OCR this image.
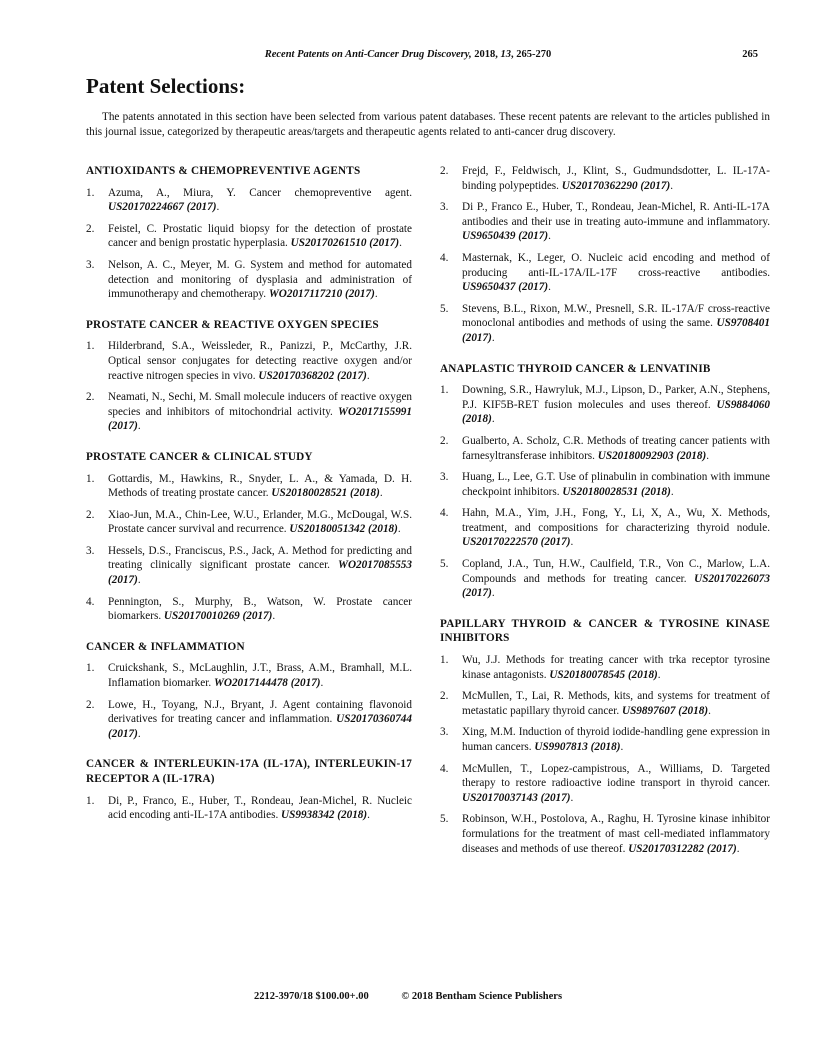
Recent Patents on Anti-Cancer Drug Discovery, 2018, 13, 265-270	265
Patent Selections:

The patents annotated in this section have been selected from various patent databases. These recent patents are relevant to the articles published in this journal issue, categorized by therapeutic areas/targets and therapeutic agents related to anti-cancer drug discovery.

ANTIOXIDANTS & CHEMOPREVENTIVE AGENTS
1.	Azuma, A., Miura, Y. Cancer chemopreventive agent. US20170224667 (2017).
2.	Feistel, C. Prostatic liquid biopsy for the detection of prostate cancer and benign prostatic hyperplasia. US20170261510 (2017).
3.	Nelson, A. C., Meyer, M. G. System and method for automated detection and monitoring of dysplasia and administration of immunotherapy and chemotherapy. WO2017117210 (2017).
PROSTATE CANCER & REACTIVE OXYGEN SPECIES
1.	Hilderbrand, S.A., Weissleder, R., Panizzi, P., McCarthy, J.R. Optical sensor conjugates for detecting reactive oxygen and/or reactive nitrogen species in vivo. US20170368202 (2017).
2.	Neamati, N., Sechi, M. Small molecule inducers of reactive oxygen species and inhibitors of mitochondrial activity. WO2017155991 (2017).
PROSTATE CANCER & CLINICAL STUDY
1.	Gottardis, M., Hawkins, R., Snyder, L. A., & Yamada, D. H. Methods of treating prostate cancer. US20180028521 (2018).
2.	Xiao-Jun, M.A., Chin-Lee, W.U., Erlander, M.G., McDougal, W.S. Prostate cancer survival and recurrence. US20180051342 (2018).
3.	Hessels, D.S., Franciscus, P.S., Jack, A. Method for predicting and treating clinically significant prostate cancer. WO2017085553 (2017).
4.	Pennington, S., Murphy, B., Watson, W. Prostate cancer biomarkers. US20170010269 (2017).
CANCER & INFLAMMATION
1.	Cruickshank, S., McLaughlin, J.T., Brass, A.M., Bramhall, M.L. Inflamation biomarker. WO2017144478 (2017).
2.	Lowe, H., Toyang, N.J., Bryant, J. Agent containing flavonoid derivatives for treating cancer and inflammation. US20170360744 (2017).
CANCER & INTERLEUKIN-17A (IL-17A), INTERLEUKIN-17 RECEPTOR A (IL-17RA)
1.	Di, P., Franco, E., Huber, T., Rondeau, Jean-Michel, R. Nucleic acid encoding anti-IL-17A antibodies. US9938342 (2018).
2.	Frejd, F., Feldwisch, J., Klint, S., Gudmundsdotter, L. IL-17A-binding polypeptides. US20170362290 (2017).
3.	Di P., Franco E., Huber, T., Rondeau, Jean-Michel, R. Anti-IL-17A antibodies and their use in treating auto-immune and inflammatory. US9650439 (2017).
4.	Masternak, K., Leger, O. Nucleic acid encoding and method of producing anti-IL-17A/IL-17F cross-reactive antibodies. US9650437 (2017).
5.	Stevens, B.L., Rixon, M.W., Presnell, S.R. IL-17A/F cross-reactive monoclonal antibodies and methods of using the same. US9708401 (2017).
ANAPLASTIC THYROID CANCER & LENVATINIB
1.	Downing, S.R., Hawryluk, M.J., Lipson, D., Parker, A.N., Stephens, P.J. KIF5B-RET fusion molecules and uses thereof. US9884060 (2018).
2.	Gualberto, A. Scholz, C.R. Methods of treating cancer patients with farnesyltransferase inhibitors. US20180092903 (2018).
3.	Huang, L., Lee, G.T. Use of plinabulin in combination with immune checkpoint inhibitors. US20180028531 (2018).
4.	Hahn, M.A., Yim, J.H., Fong, Y., Li, X, A., Wu, X. Methods, treatment, and compositions for characterizing thyroid nodule. US20170222570 (2017).
5.	Copland, J.A., Tun, H.W., Caulfield, T.R., Von C., Marlow, L.A. Compounds and methods for treating cancer. US20170226073 (2017).
PAPILLARY THYROID & CANCER & TYROSINE KINASE INHIBITORS
1.	Wu, J.J. Methods for treating cancer with trka receptor tyrosine kinase antagonists. US20180078545 (2018).
2.	McMullen, T., Lai, R. Methods, kits, and systems for treatment of metastatic papillary thyroid cancer. US9897607 (2018).
3.	Xing, M.M. Induction of thyroid iodide-handling gene expression in human cancers. US9907813 (2018).
4.	McMullen, T., Lopez-campistrous, A., Williams, D. Targeted therapy to restore radioactive iodine transport in thyroid cancer. US20170037143 (2017).
5.	Robinson, W.H., Postolova, A., Raghu, H. Tyrosine kinase inhibitor formulations for the treatment of mast cell-mediated inflammatory diseases and methods of use thereof. US20170312282 (2017).
2212-3970/18 $100.00+.00	© 2018 Bentham Science Publishers
